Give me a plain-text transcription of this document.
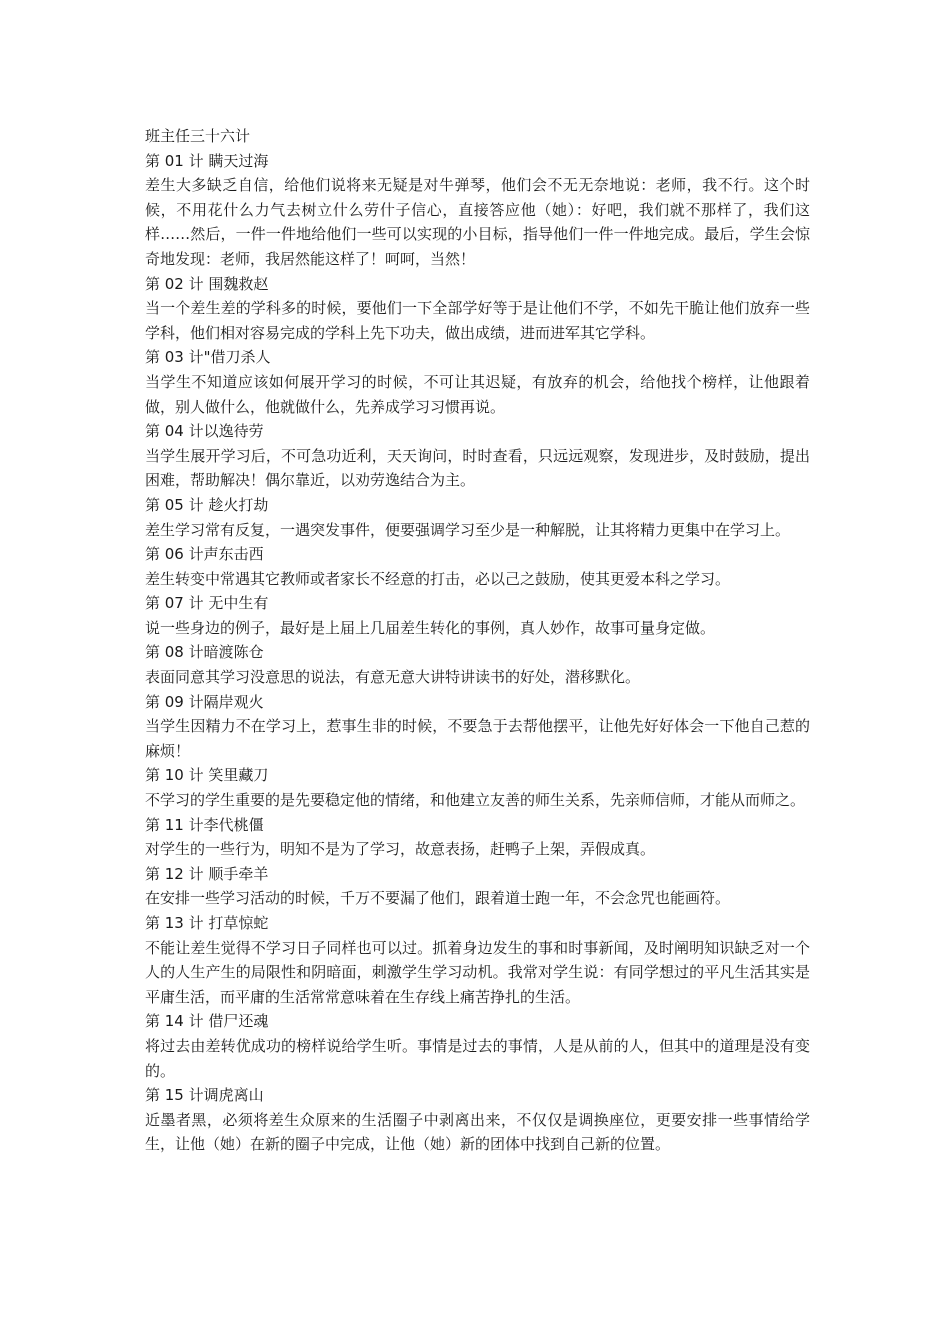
班主任三十六计

第 01 计 瞒天过海

差生大多缺乏自信，给他们说将来无疑是对牛弹琴，他们会不无无奈地说：老师，我不行。这个时候，不用花什么力气去树立什么劳什子信心，直接答应他（她）：好吧，我们就不那样了，我们这样……然后，一件一件地给他们一些可以实现的小目标，指导他们一件一件地完成。最后，学生会惊奇地发现：老师，我居然能这样了！呵呵，当然！

第 02 计 围魏救赵

当一个差生差的学科多的时候，要他们一下全部学好等于是让他们不学，不如先干脆让他们放弃一些学科，他们相对容易完成的学科上先下功夫，做出成绩，进而进军其它学科。

第 03 计"借刀杀人

当学生不知道应该如何展开学习的时候，不可让其迟疑，有放弃的机会，给他找个榜样，让他跟着做，别人做什么，他就做什么，先养成学习习惯再说。

第 04 计以逸待劳

当学生展开学习后，不可急功近利，天天询问，时时查看，只远远观察，发现进步，及时鼓励，提出困难，帮助解决！偶尔靠近，以劝劳逸结合为主。

第 05 计 趁火打劫

差生学习常有反复，一遇突发事件，便要强调学习至少是一种解脱，让其将精力更集中在学习上。

第 06 计声东击西

差生转变中常遇其它教师或者家长不经意的打击，必以己之鼓励，使其更爱本科之学习。

第 07 计 无中生有

说一些身边的例子，最好是上届上几届差生转化的事例，真人妙作，故事可量身定做。

第 08 计暗渡陈仓

表面同意其学习没意思的说法，有意无意大讲特讲读书的好处，潜移默化。

第 09 计隔岸观火

当学生因精力不在学习上，惹事生非的时候，不要急于去帮他摆平，让他先好好体会一下他自己惹的麻烦！

第 10 计 笑里藏刀

不学习的学生重要的是先要稳定他的情绪，和他建立友善的师生关系，先亲师信师，才能从而师之。

第 11 计李代桃僵

对学生的一些行为，明知不是为了学习，故意表扬，赶鸭子上架，弄假成真。

第 12 计 顺手牵羊

在安排一些学习活动的时候，千万不要漏了他们，跟着道士跑一年，不会念咒也能画符。

第 13 计 打草惊蛇

不能让差生觉得不学习日子同样也可以过。抓着身边发生的事和时事新闻，及时阐明知识缺乏对一个人的人生产生的局限性和阴暗面，刺激学生学习动机。我常对学生说：有同学想过的平凡生活其实是平庸生活，而平庸的生活常常意味着在生存线上痛苦挣扎的生活。

第 14 计 借尸还魂

将过去由差转优成功的榜样说给学生听。事情是过去的事情，人是从前的人，但其中的道理是没有变的。

第 15 计调虎离山

近墨者黑，必须将差生众原来的生活圈子中剥离出来，不仅仅是调换座位，更要安排一些事情给学生，让他（她）在新的圈子中完成，让他（她）新的团体中找到自己新的位置。
